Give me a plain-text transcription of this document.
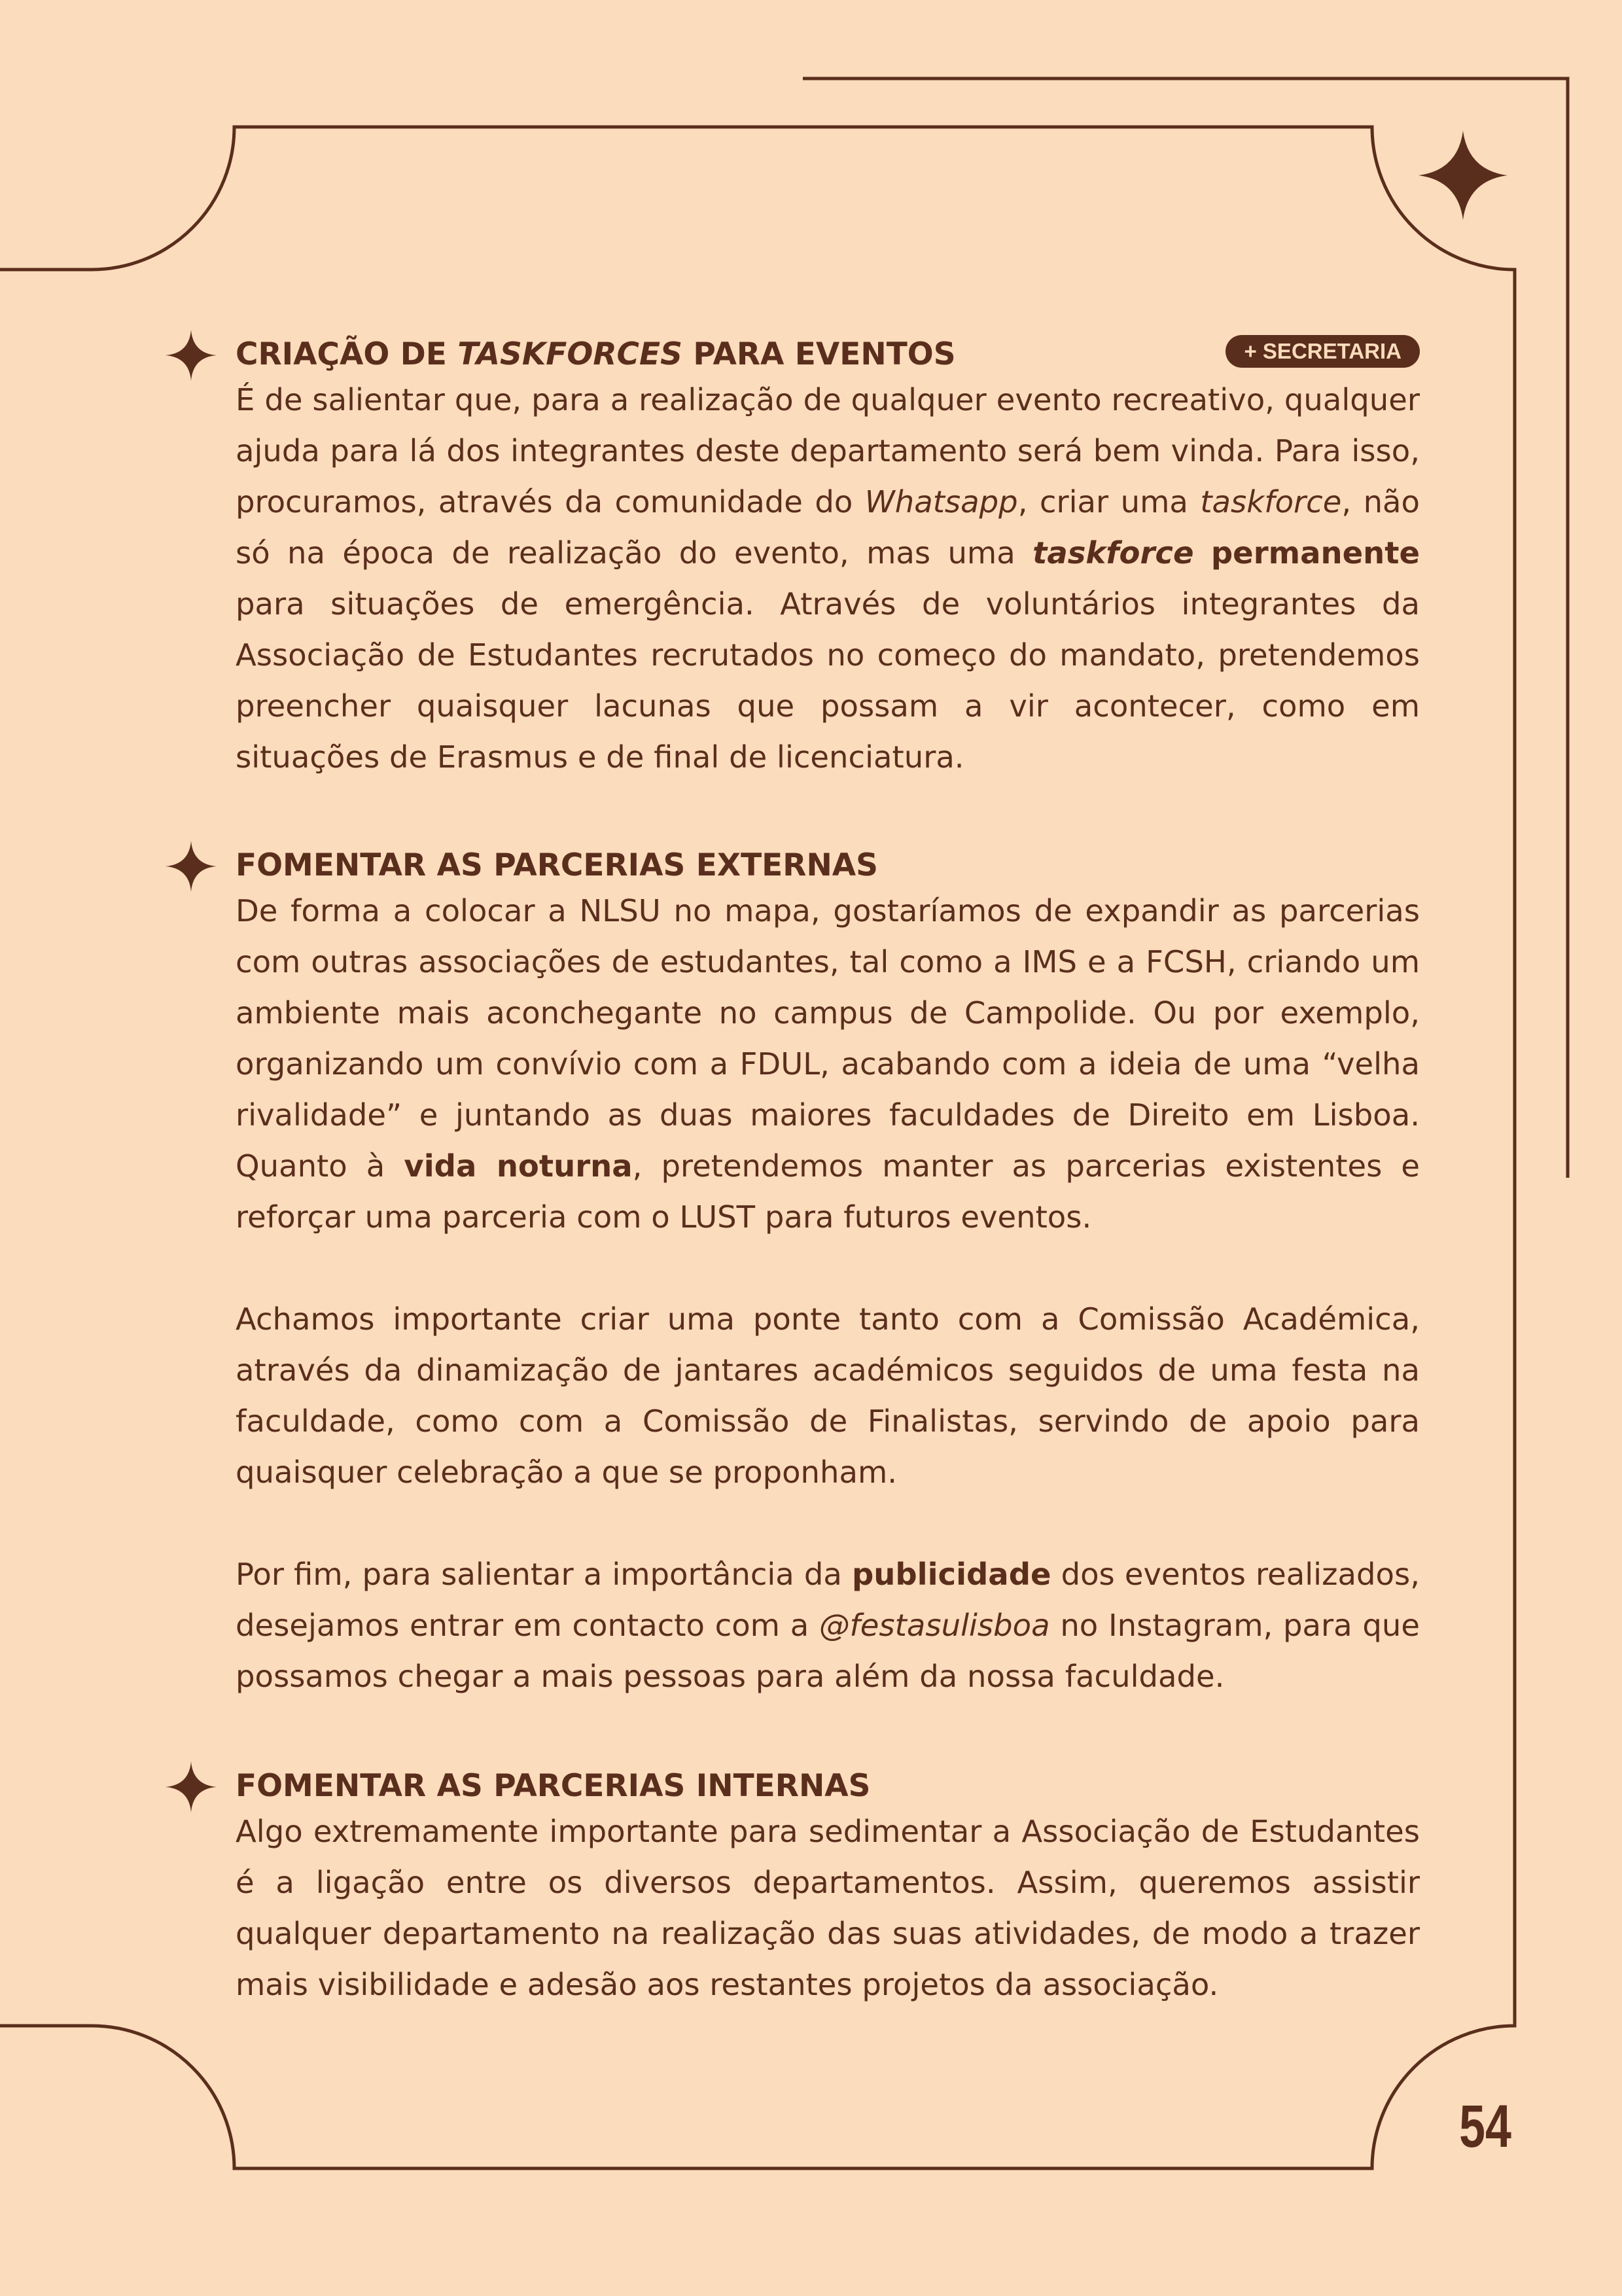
CRIAÇÃO DE TASKFORCES PARA EVENTOS	+ SECRETARIA

É de salientar que, para a realização de qualquer evento recreativo, qualquer ajuda para lá dos integrantes deste departamento será bem vinda. Para isso, procuramos, através da comunidade do Whatsapp, criar uma taskforce, não só na época de realização do evento, mas uma taskforce permanente para situações de emergência. Através de voluntários integrantes da Associação de Estudantes recrutados no começo do mandato, pretendemos preencher quaisquer lacunas que possam a vir acontecer, como em situações de Erasmus e de final de licenciatura.

FOMENTAR AS PARCERIAS EXTERNAS

De forma a colocar a NLSU no mapa, gostaríamos de expandir as parcerias com outras associações de estudantes, tal como a IMS e a FCSH, criando um ambiente mais aconchegante no campus de Campolide. Ou por exemplo, organizando um convívio com a FDUL, acabando com a ideia de uma “velha rivalidade” e juntando as duas maiores faculdades de Direito em Lisboa. Quanto à vida noturna, pretendemos manter as parcerias existentes e reforçar uma parceria com o LUST para futuros eventos.

Achamos importante criar uma ponte tanto com a Comissão Académica, através da dinamização de jantares académicos seguidos de uma festa na faculdade, como com a Comissão de Finalistas, servindo de apoio para quaisquer celebração a que se proponham.

Por fim, para salientar a importância da publicidade dos eventos realizados, desejamos entrar em contacto com a @festasulisboa no Instagram, para que possamos chegar a mais pessoas para além da nossa faculdade.

FOMENTAR AS PARCERIAS INTERNAS

Algo extremamente importante para sedimentar a Associação de Estudantes é a ligação entre os diversos departamentos. Assim, queremos assistir qualquer departamento na realização das suas atividades, de modo a trazer mais visibilidade e adesão aos restantes projetos da associação.

54
